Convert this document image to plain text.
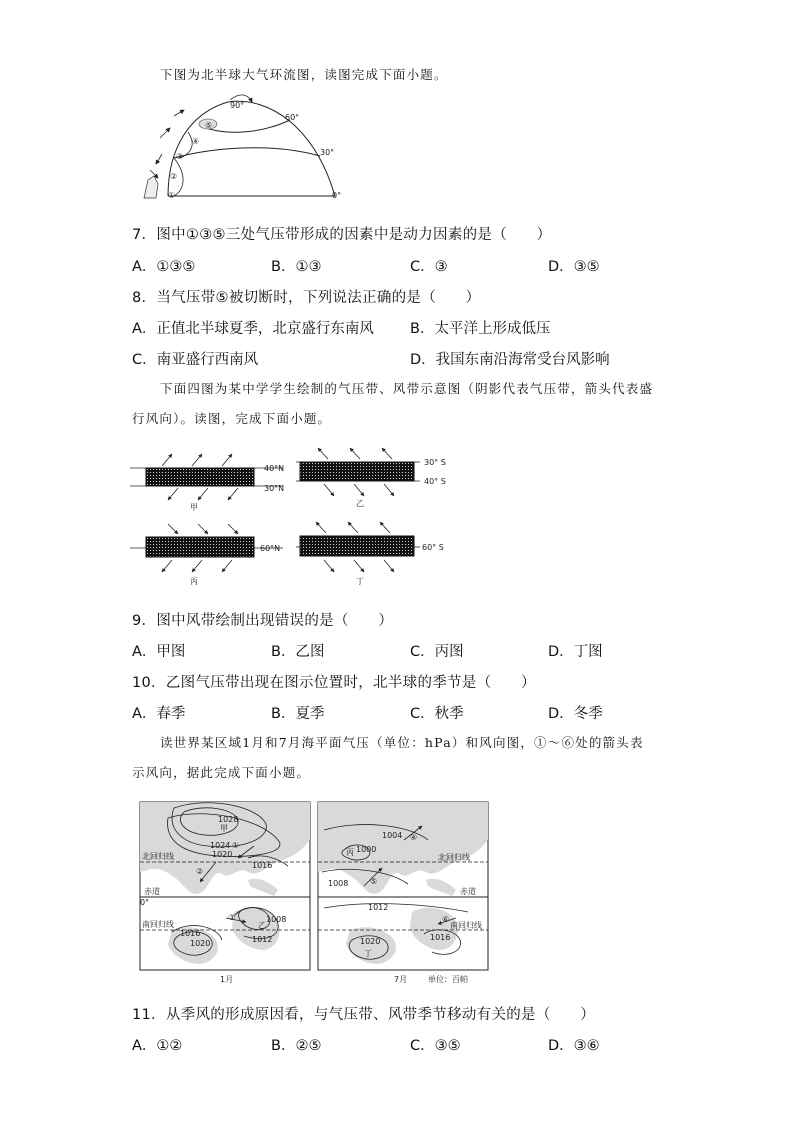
下图为北半球大气环流图，读图完成下面小题。
90°
60°
30°
0°
⑤
④
③
②
①
7．图中①③⑤三处气压带形成的因素中是动力因素的是（　　）
A．①③⑤	B．①③	C．③	D．③⑤
8．当气压带⑤被切断时，下列说法正确的是（　　）
A．正值北半球夏季，北京盛行东南风 B．太平洋上形成低压
C．南亚盛行西南风	D．我国东南沿海常受台风影响
下面四图为某中学学生绘制的气压带、风带示意图（阴影代表气压带，箭头代表盛
行风向）。读图，完成下面小题。
40°N
30°N
甲
30° S
40° S
乙
60°N
丙
60° S
丁
9．图中风带绘制出现错误的是（　　）
A．甲图	B．乙图	C．丙图	D．丁图
10．乙图气压带出现在图示位置时，北半球的季节是（　　）
A．春季	B．夏季	C．秋季	D．冬季
读世界某区域1月和7月海平面气压（单位：hPa）和风向图，①～⑥处的箭头表
示风向，据此完成下面小题。
1028
甲
1024
1020
1016
①
②
③
北回归线
赤道
0°
南回归线
1008
乙
1012
1016
1020
1月
1004 ④
丙 1000
1008	⑤
北回归线
赤道
南回归线
1012
⑥
1020
丁
1016
7月	单位：百帕
11．从季风的形成原因看，与气压带、风带季节移动有关的是（　　）
A．①②	B．②⑤	C．③⑤	D．③⑥
